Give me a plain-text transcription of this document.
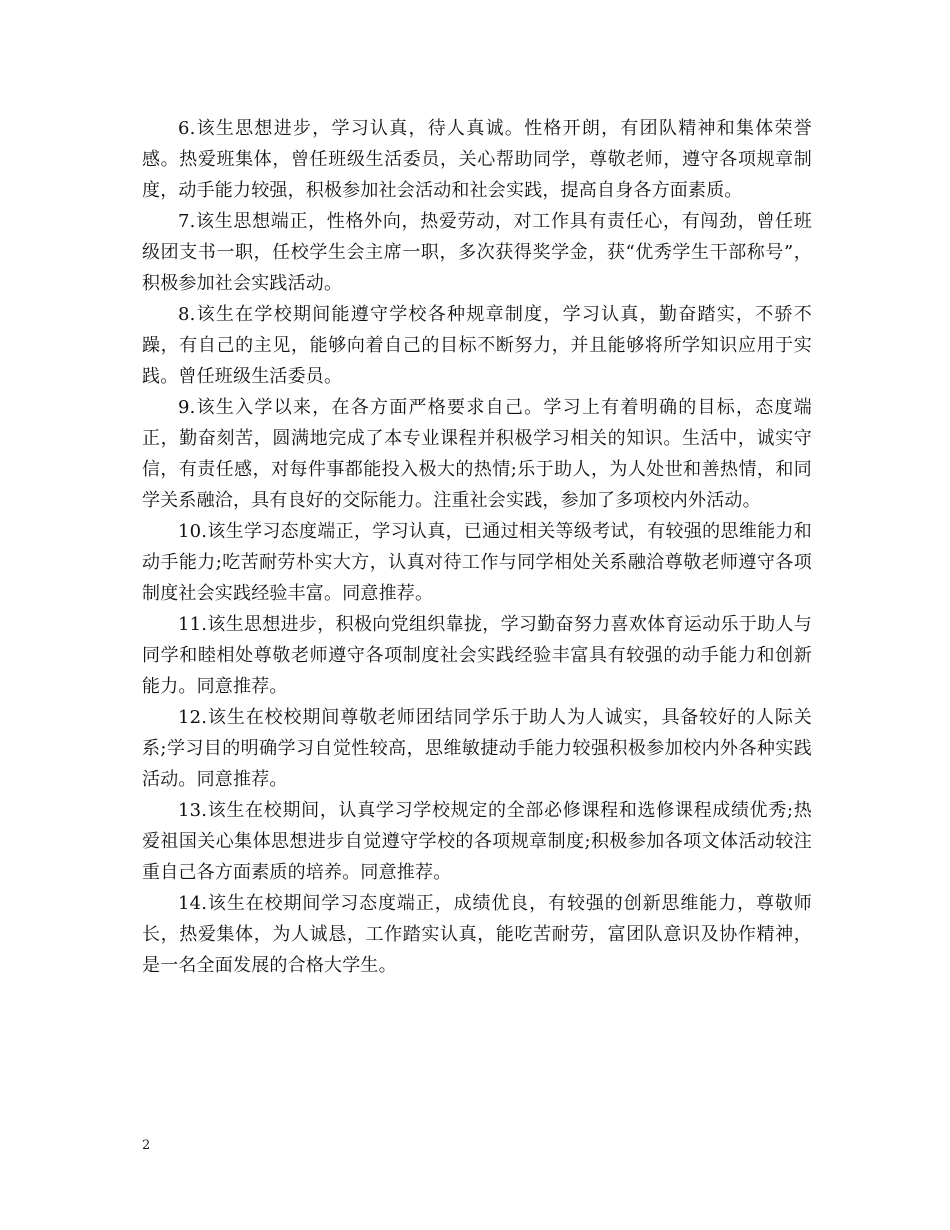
6.该生思想进步，学习认真，待人真诚。性格开朗，有团队精神和集体荣誉感。热爱班集体，曾任班级生活委员，关心帮助同学，尊敬老师，遵守各项规章制度，动手能力较强，积极参加社会活动和社会实践，提高自身各方面素质。

7.该生思想端正，性格外向，热爱劳动，对工作具有责任心，有闯劲，曾任班级团支书一职，任校学生会主席一职，多次获得奖学金，获“优秀学生干部称号”，积极参加社会实践活动。

8.该生在学校期间能遵守学校各种规章制度，学习认真，勤奋踏实，不骄不躁，有自己的主见，能够向着自己的目标不断努力，并且能够将所学知识应用于实践。曾任班级生活委员。

9.该生入学以来，在各方面严格要求自己。学习上有着明确的目标，态度端正，勤奋刻苦，圆满地完成了本专业课程并积极学习相关的知识。生活中，诚实守信，有责任感，对每件事都能投入极大的热情;乐于助人，为人处世和善热情，和同学关系融洽，具有良好的交际能力。注重社会实践，参加了多项校内外活动。

10.该生学习态度端正，学习认真，已通过相关等级考试，有较强的思维能力和动手能力;吃苦耐劳朴实大方，认真对待工作与同学相处关系融洽尊敬老师遵守各项制度社会实践经验丰富。同意推荐。

11.该生思想进步，积极向党组织靠拢，学习勤奋努力喜欢体育运动乐于助人与同学和睦相处尊敬老师遵守各项制度社会实践经验丰富具有较强的动手能力和创新能力。同意推荐。

12.该生在校校期间尊敬老师团结同学乐于助人为人诚实，具备较好的人际关系;学习目的明确学习自觉性较高，思维敏捷动手能力较强积极参加校内外各种实践活动。同意推荐。

13.该生在校期间，认真学习学校规定的全部必修课程和选修课程成绩优秀;热爱祖国关心集体思想进步自觉遵守学校的各项规章制度;积极参加各项文体活动较注重自己各方面素质的培养。同意推荐。

14.该生在校期间学习态度端正，成绩优良，有较强的创新思维能力，尊敬师长，热爱集体，为人诚恳，工作踏实认真，能吃苦耐劳，富团队意识及协作精神，是一名全面发展的合格大学生。

2
